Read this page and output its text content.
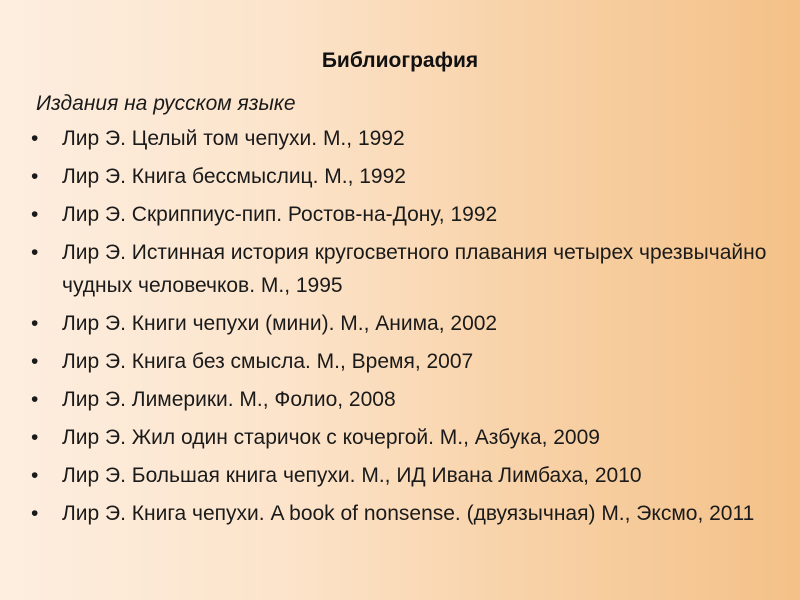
Библиография
Издания на русском языке
•	Лир Э. Целый том чепухи. М., 1992
•	Лир Э. Книга бессмыслиц. М., 1992
•	Лир Э. Скриппиус-пип. Ростов-на-Дону, 1992
•	Лир Э. Истинная история кругосветного плавания четырех чрезвычайно чудных человечков. М., 1995
•	Лир Э. Книги чепухи (мини). М., Анима, 2002
•	Лир Э. Книга без смысла. М., Время, 2007
•	Лир Э. Лимерики. М., Фолио, 2008
•	Лир Э. Жил один старичок с кочергой. М., Азбука, 2009
•	Лир Э. Большая книга чепухи. М., ИД Ивана Лимбаха, 2010
•	Лир Э. Книга чепухи. A book of nonsense. (двуязычная) М., Эксмо, 2011
